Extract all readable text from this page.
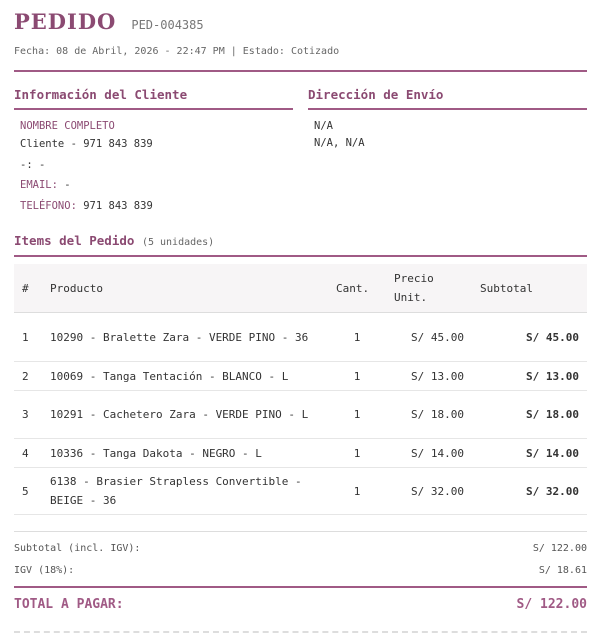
PEDIDO PED-004385
Fecha: 08 de Abril, 2026 - 22:47 PM | Estado: Cotizado
Información del Cliente
NOMBRE COMPLETO
Cliente - 971 843 839
-: -
EMAIL: -
TELÉFONO: 971 843 839
Dirección de Envío
N/A
N/A, N/A
Items del Pedido (5 unidades)
#	Producto	Cant.	Precio Unit.	Subtotal
1	10290 - Bralette Zara - VERDE PINO - 36	1	S/ 45.00	S/ 45.00
2	10069 - Tanga Tentación - BLANCO - L	1	S/ 13.00	S/ 13.00
3	10291 - Cachetero Zara - VERDE PINO - L	1	S/ 18.00	S/ 18.00
4	10336 - Tanga Dakota - NEGRO - L	1	S/ 14.00	S/ 14.00
5	6138 - Brasier Strapless Convertible - BEIGE - 36	1	S/ 32.00	S/ 32.00
Subtotal (incl. IGV):	S/ 122.00
IGV (18%):	S/ 18.61
TOTAL A PAGAR:	S/ 122.00
